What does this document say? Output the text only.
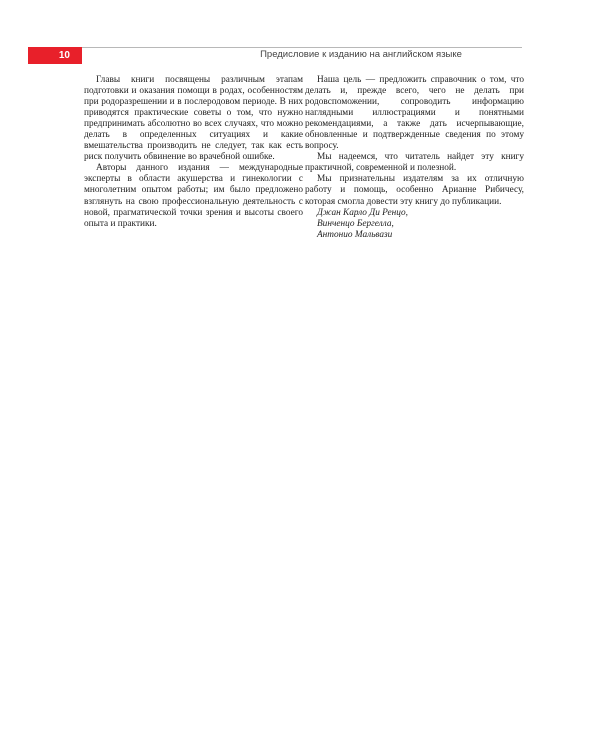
10	Предисловие к изданию на английском языке

Главы книги посвящены различным этапам подготовки и оказания помощи в родах, особенностям при родоразрешении и в послеродовом периоде. В них приводятся практические советы о том, что нужно предпринимать абсолютно во всех случаях, что можно делать в определенных ситуациях и какие вмешательства производить не следует, так как есть риск получить обвинение во врачебной ошибке.

Авторы данного издания — международные эксперты в области акушерства и гинекологии с многолетним опытом работы; им было предложено взглянуть на свою профессиональную деятельность с новой, прагматической точки зрения и высоты своего опыта и практики.

Наша цель — предложить справочник о том, что делать и, прежде всего, чего не делать при родовспоможении, сопроводить информацию наглядными иллюстрациями и понятными рекомендациями, а также дать исчерпывающие, обновленные и подтвержденные сведения по этому вопросу.

Мы надеемся, что читатель найдет эту книгу практичной, современной и полезной.

Мы признательны издателям за их отличную работу и помощь, особенно Арианне Рибичесу, которая смогла довести эту книгу до публикации.

Джан Карло Ди Ренцо,

Винченцо Бергелла,

Антонио Мальвази
